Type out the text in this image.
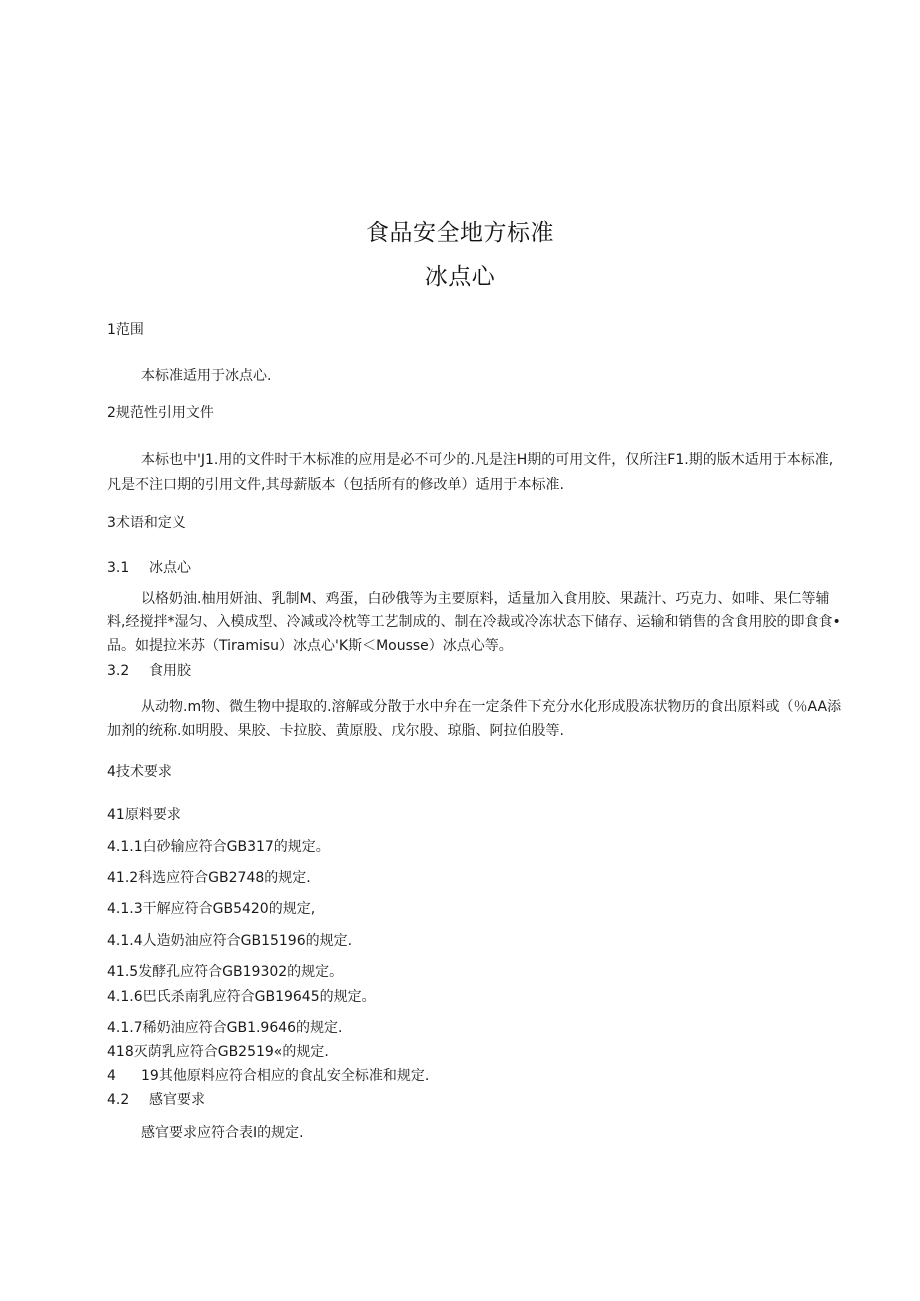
食品安全地方标准
冰点心
1范围
本标准适用于冰点心.
2规范性引用文件
本标也中'J1.用的文件时干木标准的应用是必不可少的.凡是注H期的可用文件，仅所注F1.期的版木适用于本标准,
凡是不注口期的引用文件,其母薪版本（包括所有的修改单）适用于本标准.
3术语和定义
3.1 冰点心
以格奶油.柚用妍油、乳制M、鸡蛋，白砂俄等为主要原料，适量加入食用胶、果蔬汁、巧克力、如啡、果仁等辅
料,经搅拌*湿匀、入模成型、冷减或冷枕等工艺制成的、制在冷裁或冷冻状态下储存、运输和销售的含食用胶的即食食•
品。如提拉米苏（Tiramisu）冰点心'K斯＜Mousse）冰点心等。
3.2 食用胶
从动物.m物、微生物中提取的.溶解或分散于水中弁在一定条件下充分水化形成股冻状物历的食出原料或（％AA添
加剂的统称.如明股、果胶、卡拉胶、黄原股、戊尔股、琼脂、阿拉伯股等.
4技术要求
41原料要求
4.1.1白砂输应符合GB317的规定。
41.2科选应符合GB2748的规定.
4.1.3干解应符合GB5420的规定,
4.1.4人造奶油应符合GB15196的规定.
41.5发酵孔应符合GB19302的规定。
4.1.6巴氏杀南乳应符合GB19645的规定。
4.1.7稀奶油应符合GB1.9646的规定.
418灭荫乳应符合GB2519«的规定.
4 19其他原料应符合相应的食乩安全标准和规定.
4.2 感官要求
感官要求应符合表I的规定.
